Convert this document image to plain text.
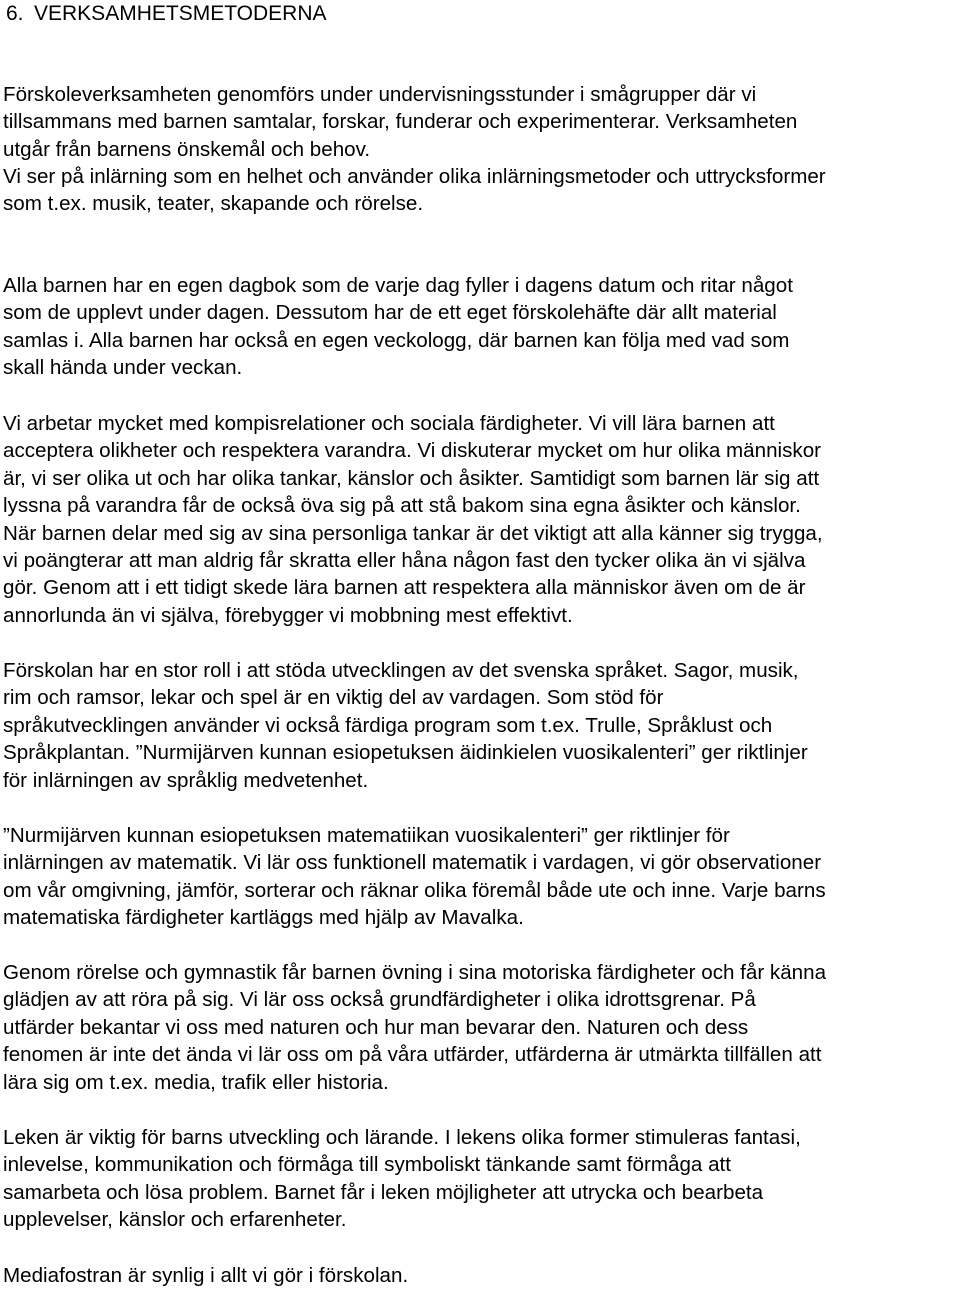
6. VERKSAMHETSMETODERNA
Förskoleverksamheten genomförs under undervisningsstunder i smågrupper där vi
tillsammans med barnen samtalar, forskar, funderar och experimenterar. Verksamheten
utgår från barnens önskemål och behov.
Vi ser på inlärning som en helhet och använder olika inlärningsmetoder och uttrycksformer
som t.ex. musik, teater, skapande och rörelse.
Alla barnen har en egen dagbok som de varje dag fyller i dagens datum och ritar något
som de upplevt under dagen. Dessutom har de ett eget förskolehäfte där allt material
samlas i. Alla barnen har också en egen veckologg, där barnen kan följa med vad som
skall hända under veckan.
Vi arbetar mycket med kompisrelationer och sociala färdigheter. Vi vill lära barnen att
acceptera olikheter och respektera varandra. Vi diskuterar mycket om hur olika människor
är, vi ser olika ut och har olika tankar, känslor och åsikter. Samtidigt som barnen lär sig att
lyssna på varandra får de också öva sig på att stå bakom sina egna åsikter och känslor.
När barnen delar med sig av sina personliga tankar är det viktigt att alla känner sig trygga,
vi poängterar att man aldrig får skratta eller håna någon fast den tycker olika än vi själva
gör. Genom att i ett tidigt skede lära barnen att respektera alla människor även om de är
annorlunda än vi själva, förebygger vi mobbning mest effektivt.
Förskolan har en stor roll i att stöda utvecklingen av det svenska språket. Sagor, musik,
rim och ramsor, lekar och spel är en viktig del av vardagen. Som stöd för
språkutvecklingen använder vi också färdiga program som t.ex. Trulle, Språklust och
Språkplantan. ”Nurmijärven kunnan esiopetuksen äidinkielen vuosikalenteri” ger riktlinjer
för inlärningen av språklig medvetenhet.
”Nurmijärven kunnan esiopetuksen matematiikan vuosikalenteri” ger riktlinjer för
inlärningen av matematik. Vi lär oss funktionell matematik i vardagen, vi gör observationer
om vår omgivning, jämför, sorterar och räknar olika föremål både ute och inne. Varje barns
matematiska färdigheter kartläggs med hjälp av Mavalka.
Genom rörelse och gymnastik får barnen övning i sina motoriska färdigheter och får känna
glädjen av att röra på sig. Vi lär oss också grundfärdigheter i olika idrottsgrenar. På
utfärder bekantar vi oss med naturen och hur man bevarar den. Naturen och dess
fenomen är inte det ända vi lär oss om på våra utfärder, utfärderna är utmärkta tillfällen att
lära sig om t.ex. media, trafik eller historia.
Leken är viktig för barns utveckling och lärande. I lekens olika former stimuleras fantasi,
inlevelse, kommunikation och förmåga till symboliskt tänkande samt förmåga att
samarbeta och lösa problem. Barnet får i leken möjligheter att utrycka och bearbeta
upplevelser, känslor och erfarenheter.
Mediafostran är synlig i allt vi gör i förskolan.
